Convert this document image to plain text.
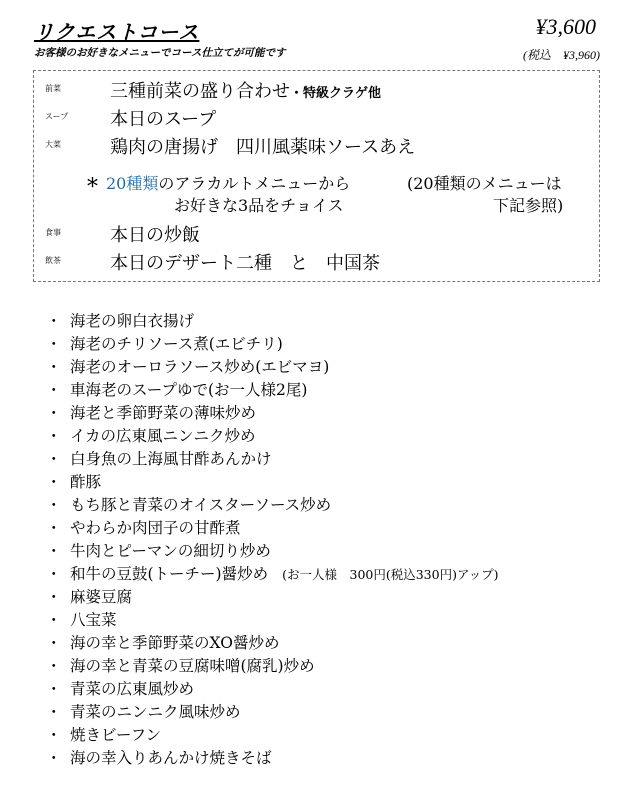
リクエストコース
お客様のお好きなメニューでコース仕立てが可能です
¥3,600
(税込　¥3,960)
前菜	三種前菜の盛り合わせ・特級クラゲ他
スープ 本日のスープ
大菜	鶏肉の唐揚げ　四川風薬味ソースあえ
* 20種類のアラカルトメニューから
お好きな3品をチョイス
(20種類のメニューは
下記参照)
食事	本日の炒飯
飲茶	本日のデザート二種　と　中国茶
・ 海老の卵白衣揚げ
・ 海老のチリソース煮(エビチリ)
・ 海老のオーロラソース炒め(エビマヨ)
・ 車海老のスープゆで(お一人様2尾)
・ 海老と季節野菜の薄味炒め
・ イカの広東風ニンニク炒め
・ 白身魚の上海風甘酢あんかけ
・ 酢豚
・ もち豚と青菜のオイスターソース炒め
・ やわらか肉団子の甘酢煮
・ 牛肉とピーマンの細切り炒め
・ 和牛の豆鼓(トーチー)醤炒め (お一人様　300円(税込330円)アップ)
・ 麻婆豆腐
・ 八宝菜
・ 海の幸と季節野菜のXO醤炒め
・ 海の幸と青菜の豆腐味噌(腐乳)炒め
・ 青菜の広東風炒め
・ 青菜のニンニク風味炒め
・ 焼きビーフン
・ 海の幸入りあんかけ焼きそば
